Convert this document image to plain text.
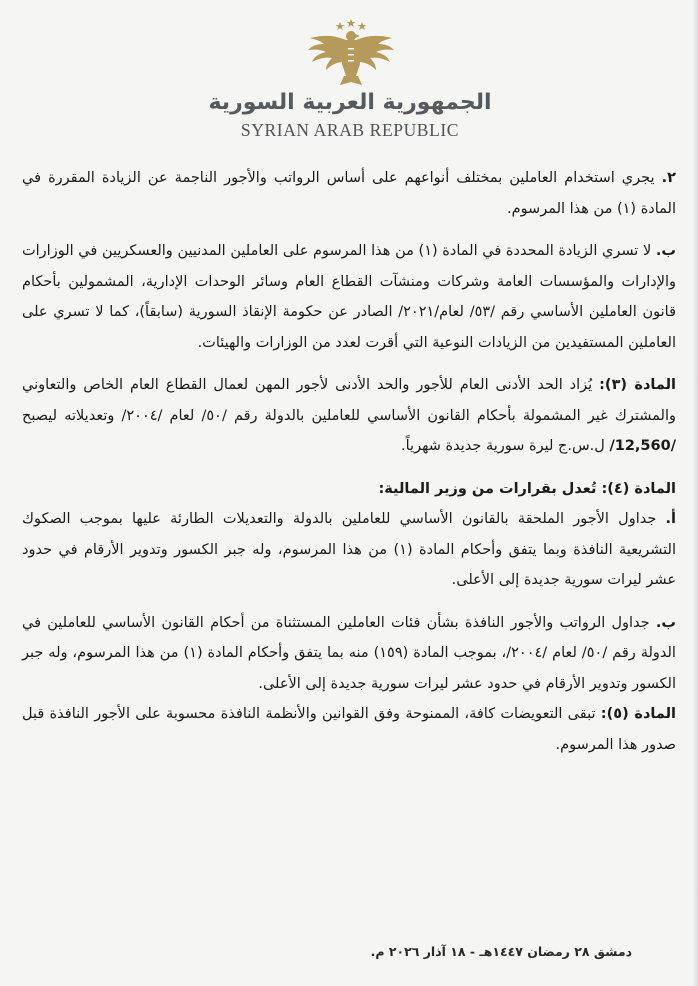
الجمهورية العربية السورية
SYRIAN ARAB REPUBLIC

٢. يجري استخدام العاملين بمختلف أنواعهم على أساس الرواتب والأجور الناجمة عن الزيادة المقررة في المادة (١) من هذا المرسوم.

ب. لا تسري الزيادة المحددة في المادة (١) من هذا المرسوم على العاملين المدنيين والعسكريين في الوزارات والإدارات والمؤسسات العامة وشركات ومنشآت القطاع العام وسائر الوحدات الإدارية، المشمولين بأحكام قانون العاملين الأساسي رقم /٥٣/ لعام/٢٠٢١/ الصادر عن حكومة الإنقاذ السورية (سابقاً)، كما لا تسري على العاملين المستفيدين من الزيادات النوعية التي أقرت لعدد من الوزارات والهيئات.

المادة (٣): يُزاد الحد الأدنى العام للأجور والحد الأدنى لأجور المهن لعمال القطاع العام الخاص والتعاوني والمشترك غير المشمولة بأحكام القانون الأساسي للعاملين بالدولة رقم /٥٠/ لعام /٢٠٠٤/ وتعديلاته ليصبح /12,560/ ل.س.ج ليرة سورية جديدة شهرياً.

المادة (٤): تُعدل بقرارات من وزير المالية:

أ. جداول الأجور الملحقة بالقانون الأساسي للعاملين بالدولة والتعديلات الطارئة عليها بموجب الصكوك التشريعية النافذة وبما يتفق وأحكام المادة (١) من هذا المرسوم، وله جبر الكسور وتدوير الأرقام في حدود عشر ليرات سورية جديدة إلى الأعلى.

ب. جداول الرواتب والأجور النافذة بشأن فئات العاملين المستثناة من أحكام القانون الأساسي للعاملين في الدولة رقم /٥٠/ لعام /٢٠٠٤/، بموجب المادة (١٥٩) منه بما يتفق وأحكام المادة (١) من هذا المرسوم، وله جبر الكسور وتدوير الأرقام في حدود عشر ليرات سورية جديدة إلى الأعلى.

المادة (٥): تبقى التعويضات كافة، الممنوحة وفق القوانين والأنظمة النافذة محسوبة على الأجور النافذة قبل صدور هذا المرسوم.

دمشق ٢٨ رمضان ١٤٤٧هـ - ١٨ آذار ٢٠٢٦ م.
